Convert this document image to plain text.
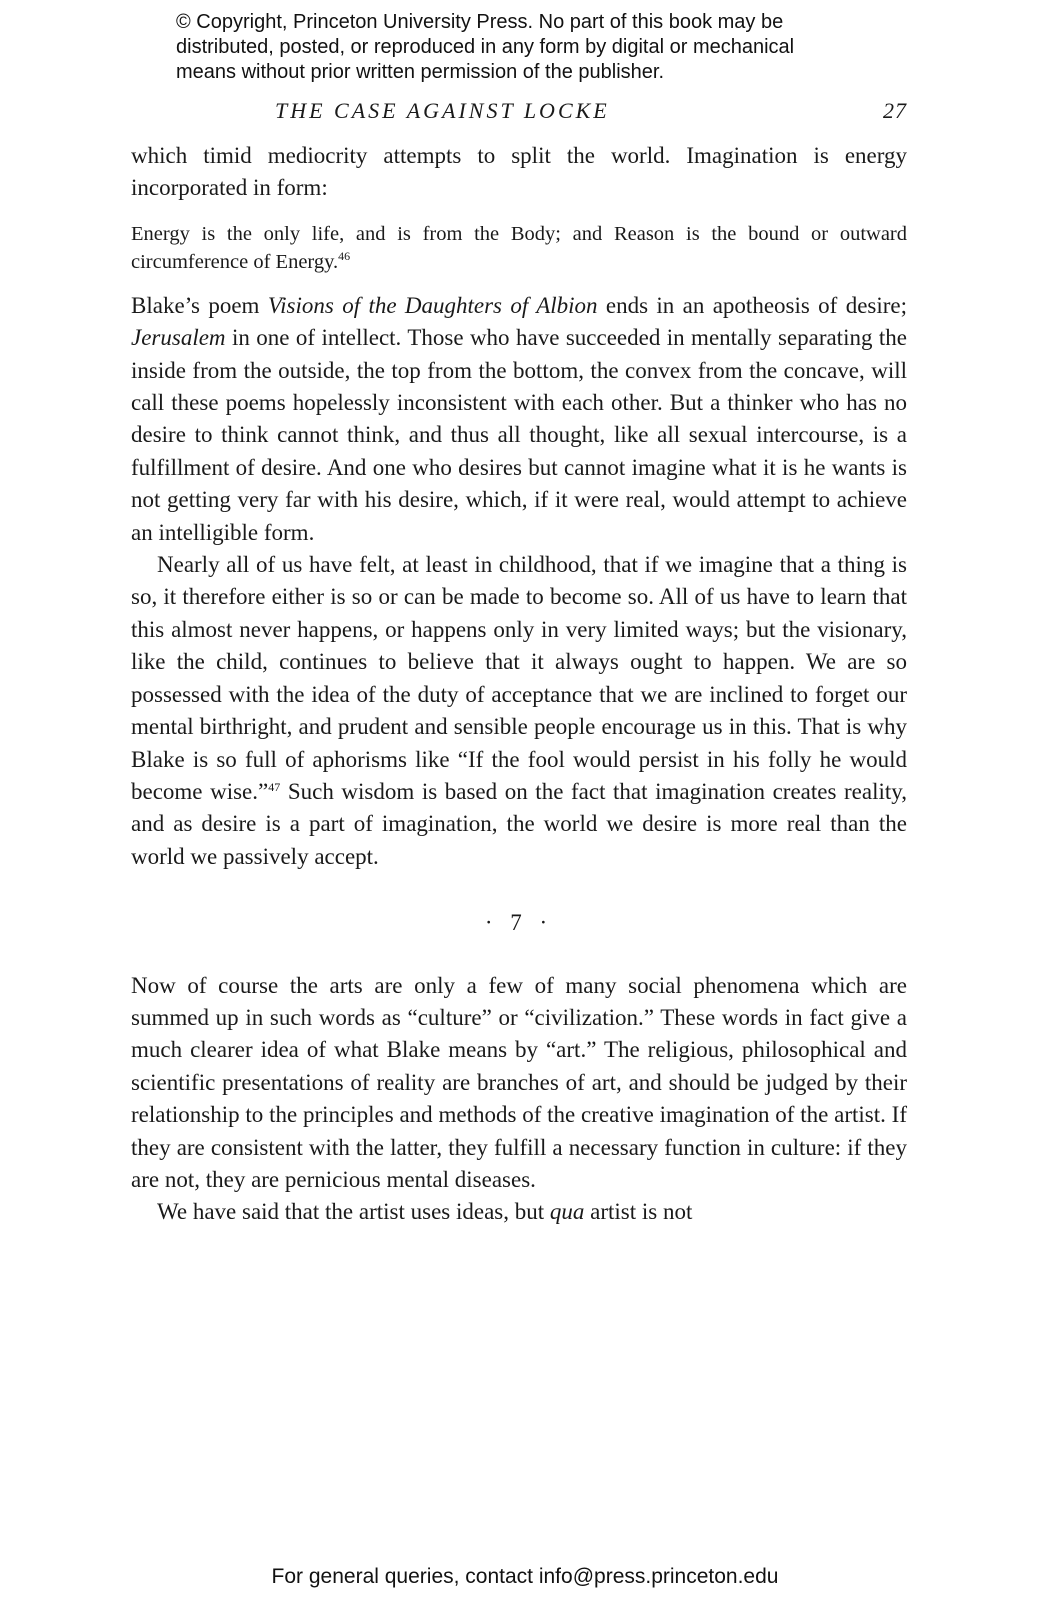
© Copyright, Princeton University Press. No part of this book may be
distributed, posted, or reproduced in any form by digital or mechanical
means without prior written permission of the publisher.
THE CASE AGAINST LOCKE	27

which timid mediocrity attempts to split the world. Imagination is energy incorporated in form:

Energy is the only life, and is from the Body; and Reason is the bound or outward circumference of Energy.$^{46}$

Blake’s poem Visions of the Daughters of Albion ends in an apotheosis of desire; Jerusalem in one of intellect. Those who have succeeded in mentally separating the inside from the outside, the top from the bottom, the convex from the concave, will call these poems hopelessly inconsistent with each other. But a thinker who has no desire to think cannot think, and thus all thought, like all sexual intercourse, is a fulfillment of desire. And one who desires but cannot imagine what it is he wants is not getting very far with his desire, which, if it were real, would attempt to achieve an intelligible form.

Nearly all of us have felt, at least in childhood, that if we imagine that a thing is so, it therefore either is so or can be made to become so. All of us have to learn that this almost never happens, or happens only in very limited ways; but the visionary, like the child, continues to believe that it always ought to happen. We are so possessed with the idea of the duty of acceptance that we are inclined to forget our mental birthright, and prudent and sensible people encourage us in this. That is why Blake is so full of aphorisms like “If the fool would persist in his folly he would become wise.”$^{47}$ Such wisdom is based on the fact that imagination creates reality, and as desire is a part of imagination, the world we desire is more real than the world we passively accept.

· 7 ·

Now of course the arts are only a few of many social phenomena which are summed up in such words as “culture” or “civilization.” These words in fact give a much clearer idea of what Blake means by “art.” The religious, philosophical and scientific presentations of reality are branches of art, and should be judged by their relationship to the principles and methods of the creative imagination of the artist. If they are consistent with the latter, they fulfill a necessary function in culture: if they are not, they are pernicious mental diseases.

We have said that the artist uses ideas, but qua artist is not

For general queries, contact info@press.princeton.edu
